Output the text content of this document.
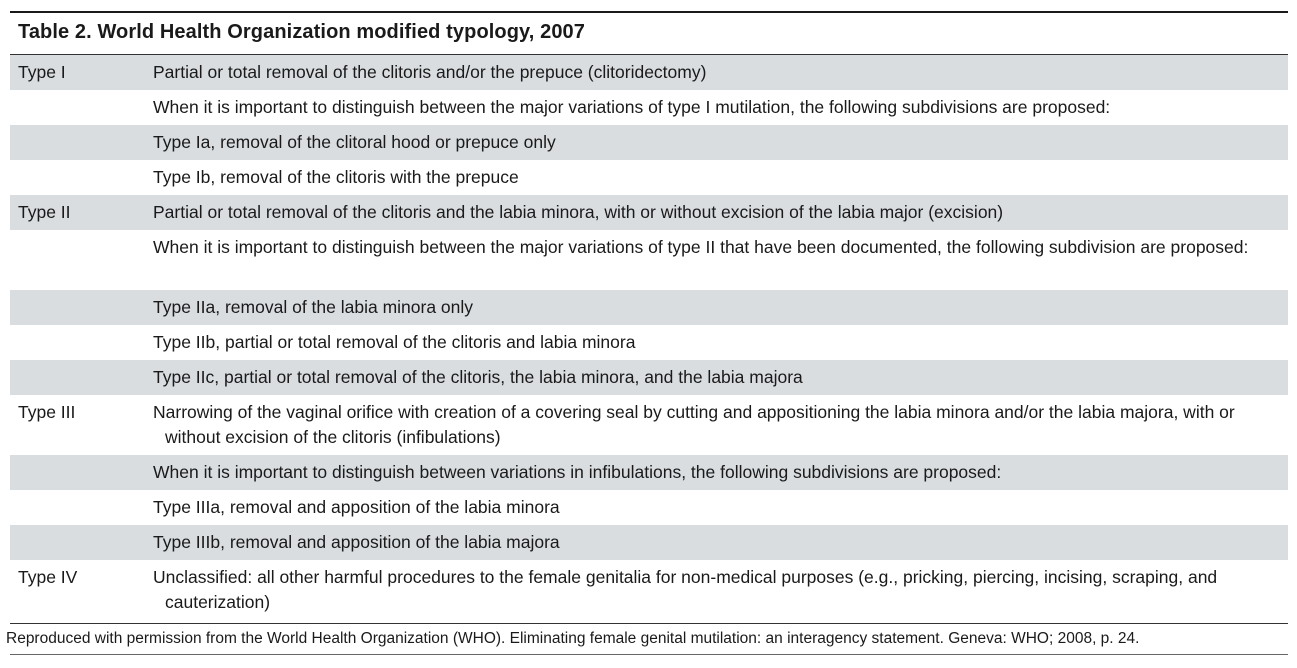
Table 2. World Health Organization modified typology, 2007
Type I	Partial or total removal of the clitoris and/or the prepuce (clitoridectomy)
When it is important to distinguish between the major variations of type I mutilation, the following subdivisions are proposed:
Type Ia, removal of the clitoral hood or prepuce only
Type Ib, removal of the clitoris with the prepuce
Type II	Partial or total removal of the clitoris and the labia minora, with or without excision of the labia major (excision)
When it is important to distinguish between the major variations of type II that have been documented, the following subdivision are proposed:
Type IIa, removal of the labia minora only
Type IIb, partial or total removal of the clitoris and labia minora
Type IIc, partial or total removal of the clitoris, the labia minora, and the labia majora
Type III	Narrowing of the vaginal orifice with creation of a covering seal by cutting and appositioning the labia minora and/or the labia majora, with or without excision of the clitoris (infibulations)
When it is important to distinguish between variations in infibulations, the following subdivisions are proposed:
Type IIIa, removal and apposition of the labia minora
Type IIIb, removal and apposition of the labia majora
Type IV	Unclassified: all other harmful procedures to the female genitalia for non-medical purposes (e.g., pricking, piercing, incising, scraping, and cauterization)
Reproduced with permission from the World Health Organization (WHO). Eliminating female genital mutilation: an interagency statement. Geneva: WHO; 2008, p. 24.
